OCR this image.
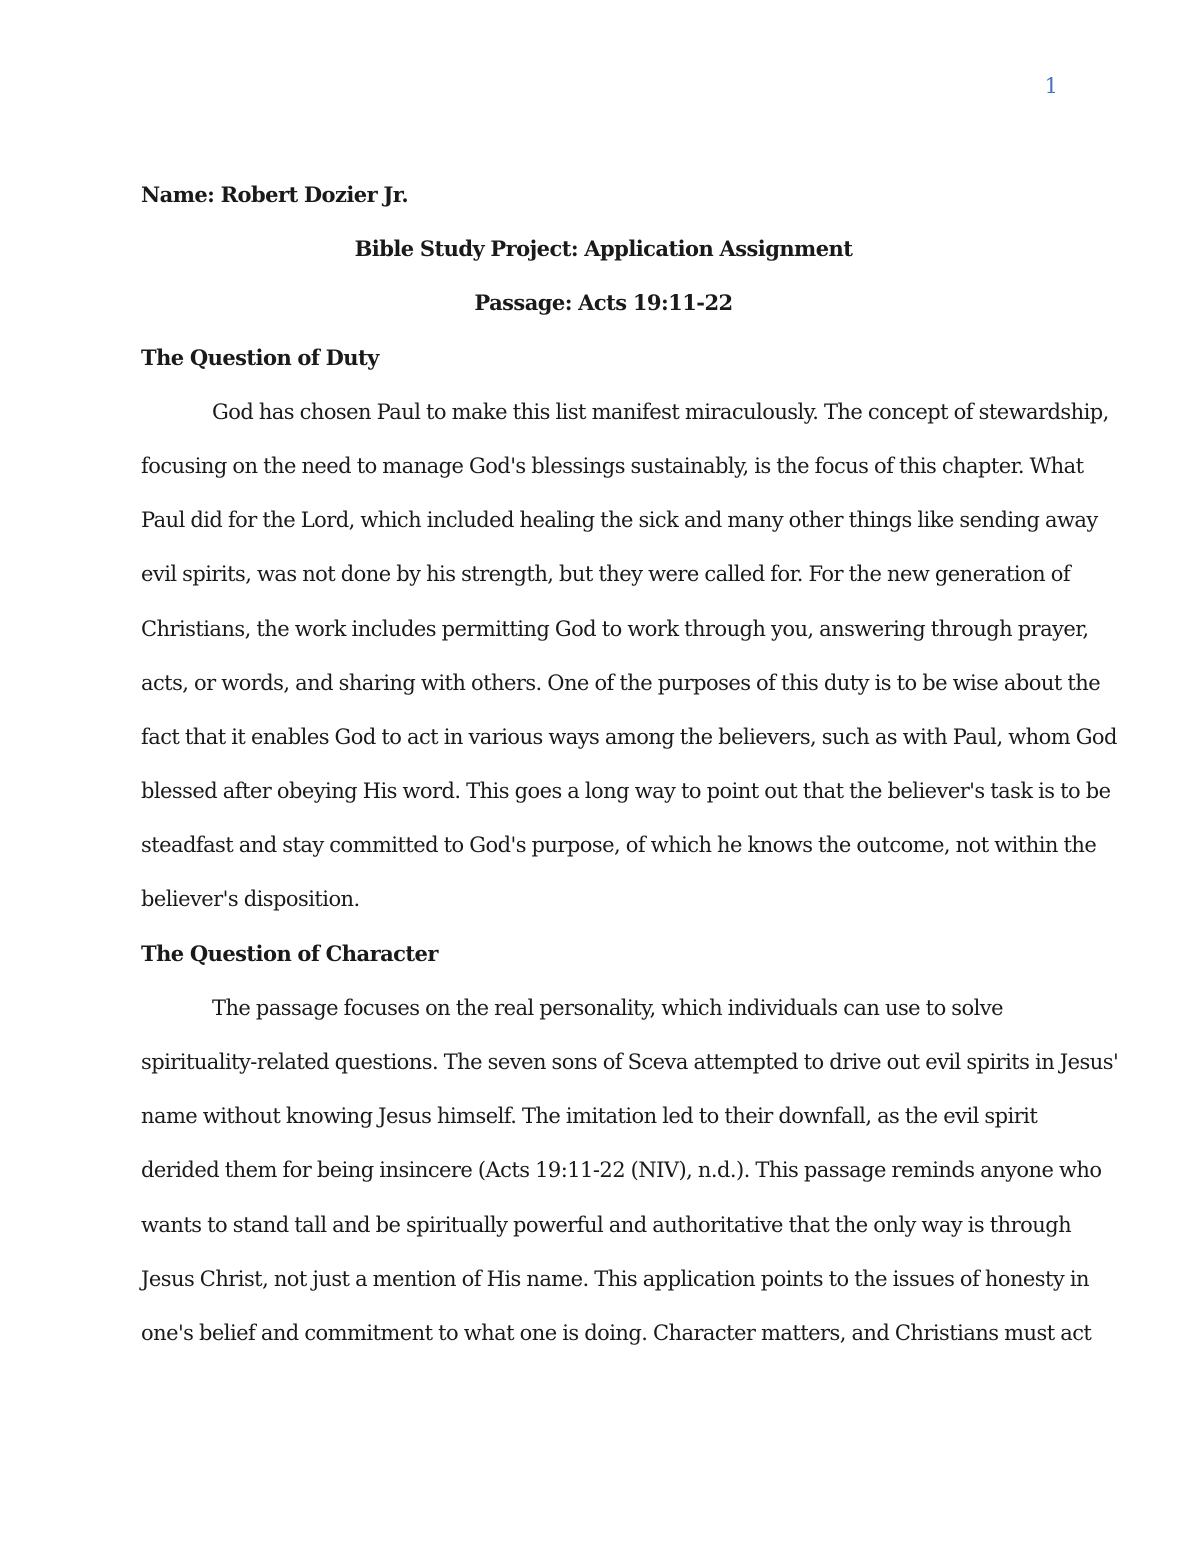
1
Name: Robert Dozier Jr.
Bible Study Project: Application Assignment
Passage: Acts 19:11-22
The Question of Duty
God has chosen Paul to make this list manifest miraculously. The concept of stewardship,
focusing on the need to manage God's blessings sustainably, is the focus of this chapter. What
Paul did for the Lord, which included healing the sick and many other things like sending away
evil spirits, was not done by his strength, but they were called for. For the new generation of
Christians, the work includes permitting God to work through you, answering through prayer,
acts, or words, and sharing with others. One of the purposes of this duty is to be wise about the
fact that it enables God to act in various ways among the believers, such as with Paul, whom God
blessed after obeying His word. This goes a long way to point out that the believer's task is to be
steadfast and stay committed to God's purpose, of which he knows the outcome, not within the
believer's disposition.
The Question of Character
The passage focuses on the real personality, which individuals can use to solve
spirituality-related questions. The seven sons of Sceva attempted to drive out evil spirits in Jesus'
name without knowing Jesus himself. The imitation led to their downfall, as the evil spirit
derided them for being insincere (Acts 19:11-22 (NIV), n.d.). This passage reminds anyone who
wants to stand tall and be spiritually powerful and authoritative that the only way is through
Jesus Christ, not just a mention of His name. This application points to the issues of honesty in
one's belief and commitment to what one is doing. Character matters, and Christians must act
